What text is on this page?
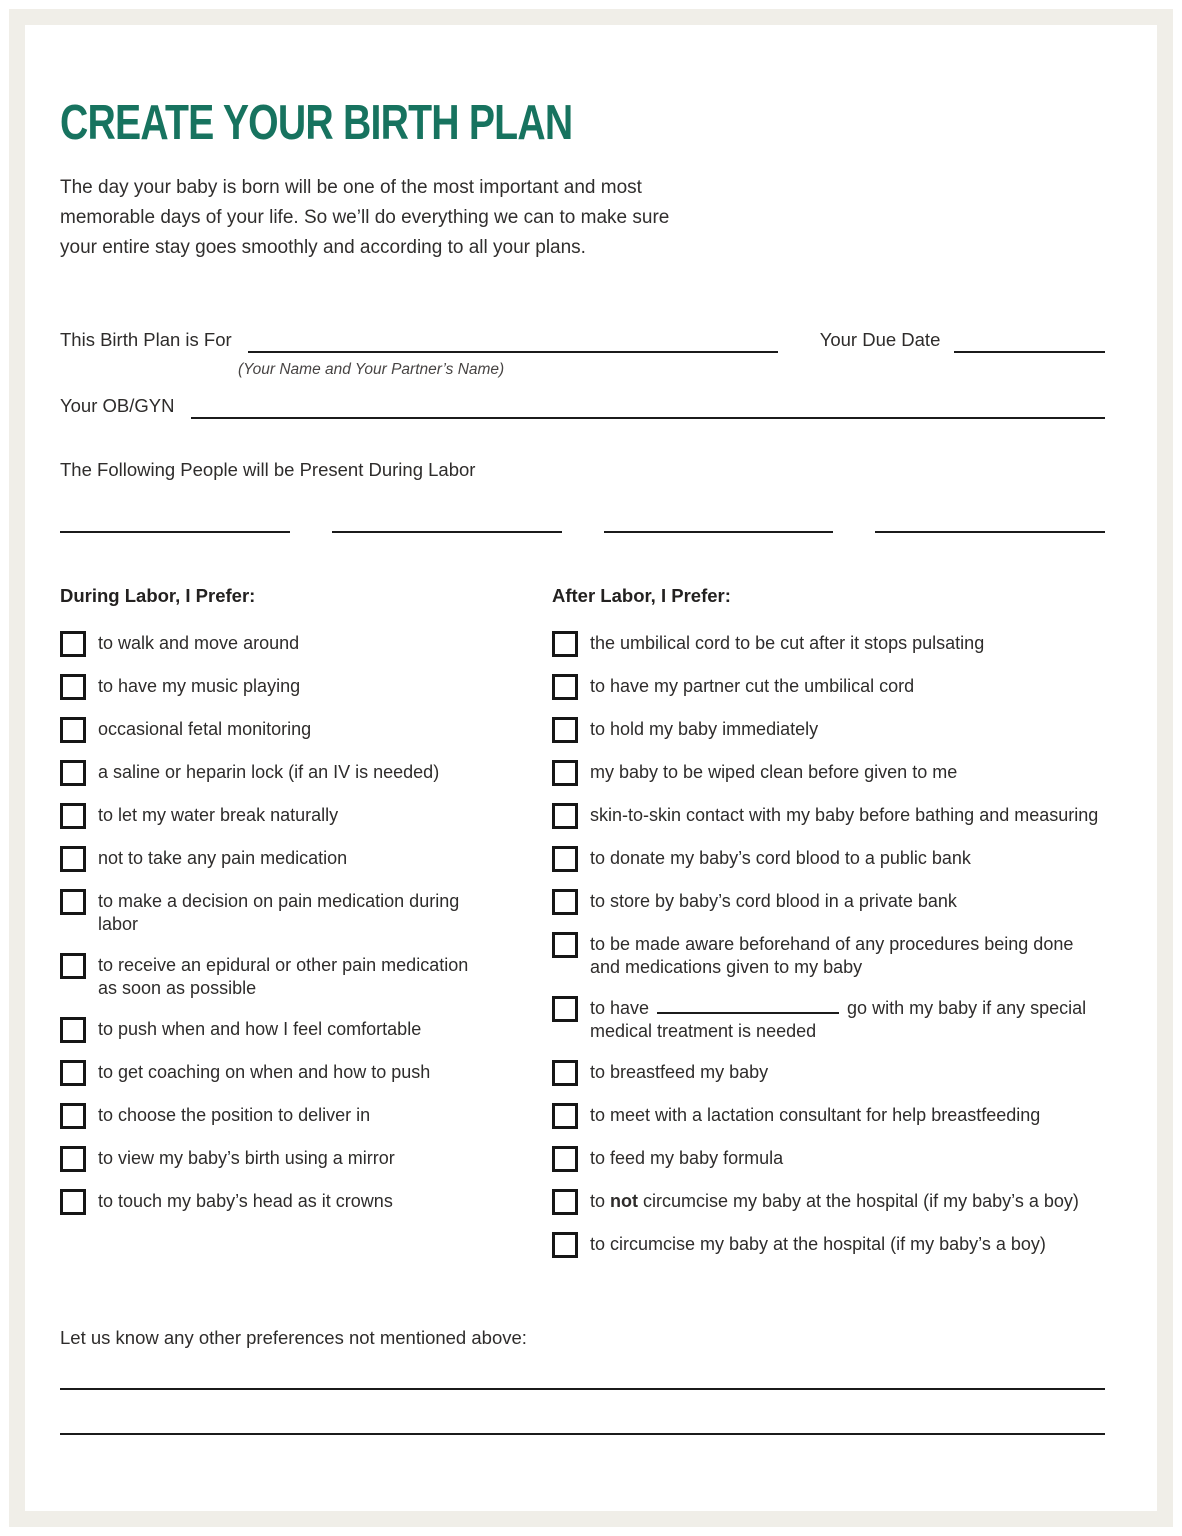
CREATE YOUR BIRTH PLAN

The day your baby is born will be one of the most important and most memorable days of your life. So we’ll do everything we can to make sure your entire stay goes smoothly and according to all your plans.

This Birth Plan is For	Your Due Date
(Your Name and Your Partner’s Name)
Your OB/GYN
The Following People will be Present During Labor
During Labor, I Prefer:
to walk and move around
to have my music playing
occasional fetal monitoring
a saline or heparin lock (if an IV is needed)
to let my water break naturally
not to take any pain medication
to make a decision on pain medication during labor
to receive an epidural or other pain medication as soon as possible
to push when and how I feel comfortable
to get coaching on when and how to push
to choose the position to deliver in
to view my baby’s birth using a mirror
to touch my baby’s head as it crowns
After Labor, I Prefer:
the umbilical cord to be cut after it stops pulsating
to have my partner cut the umbilical cord
to hold my baby immediately
my baby to be wiped clean before given to me
skin-to-skin contact with my baby before bathing and measuring
to donate my baby’s cord blood to a public bank
to store by baby’s cord blood in a private bank
to be made aware beforehand of any procedures being done and medications given to my baby
to have	go with my baby if any special medical treatment is needed
to breastfeed my baby
to meet with a lactation consultant for help breastfeeding
to feed my baby formula
to not circumcise my baby at the hospital (if my baby’s a boy)
to circumcise my baby at the hospital (if my baby’s a boy)
Let us know any other preferences not mentioned above:
